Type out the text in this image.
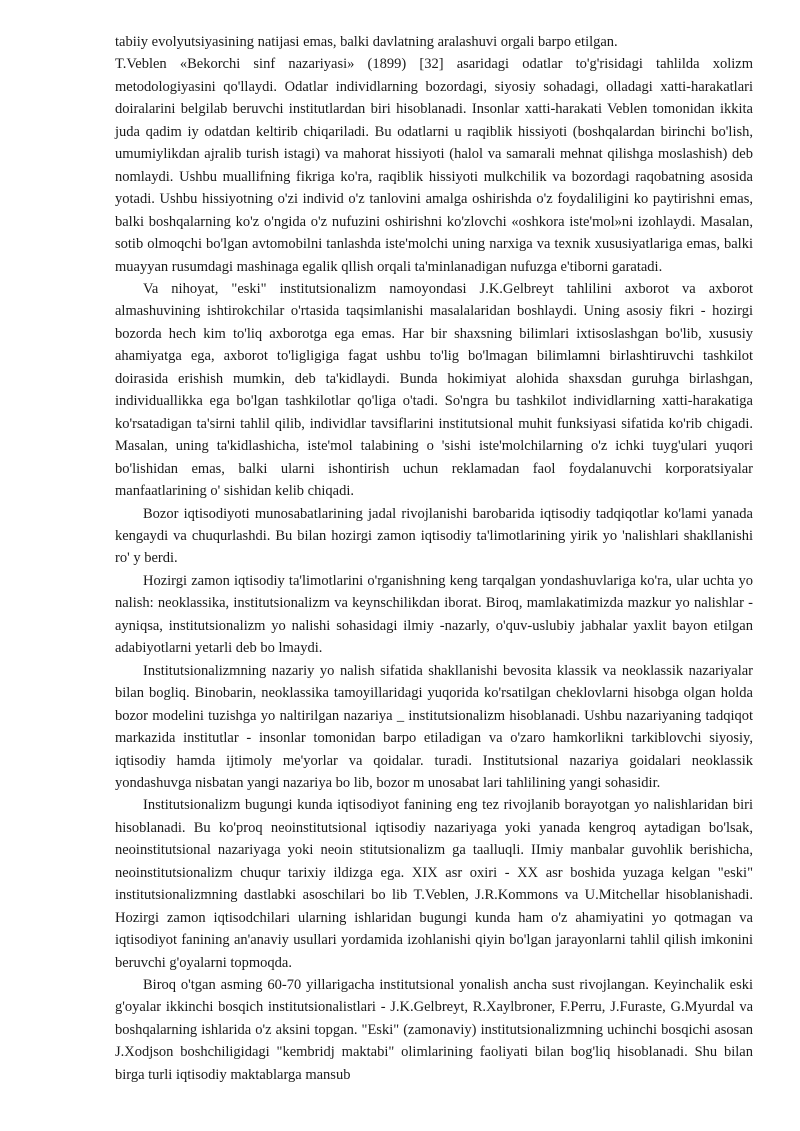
tabiiy evolyutsiyasining natijasi emas, balki davlatning aralashuvi orgali barpo etilgan.

T.Veblen «Bekorchi sinf nazariyasi» (1899) [32] asaridagi odatlar to'g'risidagi tahlilda xolizm metodologiyasini qo'llaydi. Odatlar individlarning bozordagi, siyosiy sohadagi, olladagi xatti-harakatlari doiralarini belgilab beruvchi institutlardan biri hisoblanadi. Insonlar xatti-harakati Veblen tomonidan ikkita juda qadim iy odatdan keltirib chiqariladi. Bu odatlarni u raqiblik hissiyoti (boshqalardan birinchi bo'lish, umumiylikdan ajralib turish istagi) va mahorat hissiyoti (halol va samarali mehnat qilishga moslashish) deb nomlaydi. Ushbu muallifning fikriga ko'ra, raqiblik hissiyoti mulkchilik va bozordagi raqobatning asosida yotadi. Ushbu hissiyotning o'zi individ o'z tanlovini amalga oshirishda o'z foydaliligini ko paytirishni emas, balki boshqalarning ko'z o'ngida o'z nufuzini oshirishni ko'zlovchi «oshkora iste'mol»ni izohlaydi. Masalan, sotib olmoqchi bo'lgan avtomobilni tanlashda iste'molchi uning narxiga va texnik xususiyatlariga emas, balki muayyan rusumdagi mashinaga egalik qllish orqali ta'minlanadigan nufuzga e'tiborni garatadi.

Va nihoyat, "eski" institutsionalizm namoyondasi J.K.Gelbreyt tahlilini axborot va axborot almashuvining ishtirokchilar o'rtasida taqsimlanishi masalalaridan boshlaydi. Uning asosiy fikri - hozirgi bozorda hech kim to'liq axborotga ega emas. Har bir shaxsning bilimlari ixtisoslashgan bo'lib, xususiy ahamiyatga ega, axborot to'ligligiga fagat ushbu to'lig bo'lmagan bilimlamni birlashtiruvchi tashkilot doirasida erishish mumkin, deb ta'kidlaydi. Bunda hokimiyat alohida shaxsdan guruhga birlashgan, individuallikka ega bo'lgan tashkilotlar qo'liga o'tadi. So'ngra bu tashkilot individlarning xatti-harakatiga ko'rsatadigan ta'sirni tahlil qilib, individlar tavsiflarini institutsional muhit funksiyasi sifatida ko'rib chigadi. Masalan, uning ta'kidlashicha, iste'mol talabining o 'sishi iste'molchilarning o'z ichki tuyg'ulari yuqori bo'lishidan emas, balki ularni ishontirish uchun reklamadan faol foydalanuvchi korporatsiyalar manfaatlarining o' sishidan kelib chiqadi.

Bozor iqtisodiyoti munosabatlarining jadal rivojlanishi barobarida iqtisodiy tadqiqotlar ko'lami yanada kengaydi va chuqurlashdi. Bu bilan hozirgi zamon iqtisodiy ta'limotlarining yirik yo 'nalishlari shakllanishi ro' y berdi.

Hozirgi zamon iqtisodiy ta'limotlarini o'rganishning keng tarqalgan yondashuvlariga ko'ra, ular uchta yo nalish: neoklassika, institutsionalizm va keynschilikdan iborat. Biroq, mamlakatimizda mazkur yo nalishlar - ayniqsa, institutsionalizm yo nalishi sohasidagi ilmiy -nazarly, o'quv-uslubiy jabhalar yaxlit bayon etilgan adabiyotlarni yetarli deb bo lmaydi.

Institutsionalizmning nazariy yo nalish sifatida shakllanishi bevosita klassik va neoklassik nazariyalar bilan bogliq. Binobarin, neoklassika tamoyillaridagi yuqorida ko'rsatilgan cheklovlarni hisobga olgan holda bozor modelini tuzishga yo naltirilgan nazariya _ institutsionalizm hisoblanadi. Ushbu nazariyaning tadqiqot markazida institutlar - insonlar tomonidan barpo etiladigan va o'zaro hamkorlikni tarkiblovchi siyosiy, iqtisodiy hamda ijtimoly me'yorlar va qoidalar. turadi. Institutsional nazariya goidalari neoklassik yondashuvga nisbatan yangi nazariya bo lib, bozor m unosabat lari tahlilining yangi sohasidir.

Institutsionalizm bugungi kunda iqtisodiyot fanining eng tez rivojlanib borayotgan yo nalishlaridan biri hisoblanadi. Bu ko'proq neoinstitutsional iqtisodiy nazariyaga yoki yanada kengroq aytadigan bo'lsak, neoinstitutsional nazariyaga yoki neoin stitutsionalizm ga taalluqli. IImiy manbalar guvohlik berishicha, neoinstitutsionalizm chuqur tarixiy ildizga ega. XIX asr oxiri - XX asr boshida yuzaga kelgan "eski" institutsionalizmning dastlabki asoschilari bo lib T.Veblen, J.R.Kommons va U.Mitchellar hisoblanishadi. Hozirgi zamon iqtisodchilari ularning ishlaridan bugungi kunda ham o'z ahamiyatini yo qotmagan va iqtisodiyot fanining an'anaviy usullari yordamida izohlanishi qiyin bo'lgan jarayonlarni tahlil qilish imkonini beruvchi g'oyalarni topmoqda.

Biroq o'tgan asming 60-70 yillarigacha institutsional yonalish ancha sust rivojlangan. Keyinchalik eski g'oyalar ikkinchi bosqich institutsionalistlari - J.K.Gelbreyt, R.Xaylbroner, F.Perru, J.Furaste, G.Myurdal va boshqalarning ishlarida o'z aksini topgan. "Eski" (zamonaviy) institutsionalizmning uchinchi bosqichi asosan J.Xodjson boshchiligidagi "kembridj maktabi" olimlarining faoliyati bilan bog'liq hisoblanadi. Shu bilan birga turli iqtisodiy maktablarga mansub
